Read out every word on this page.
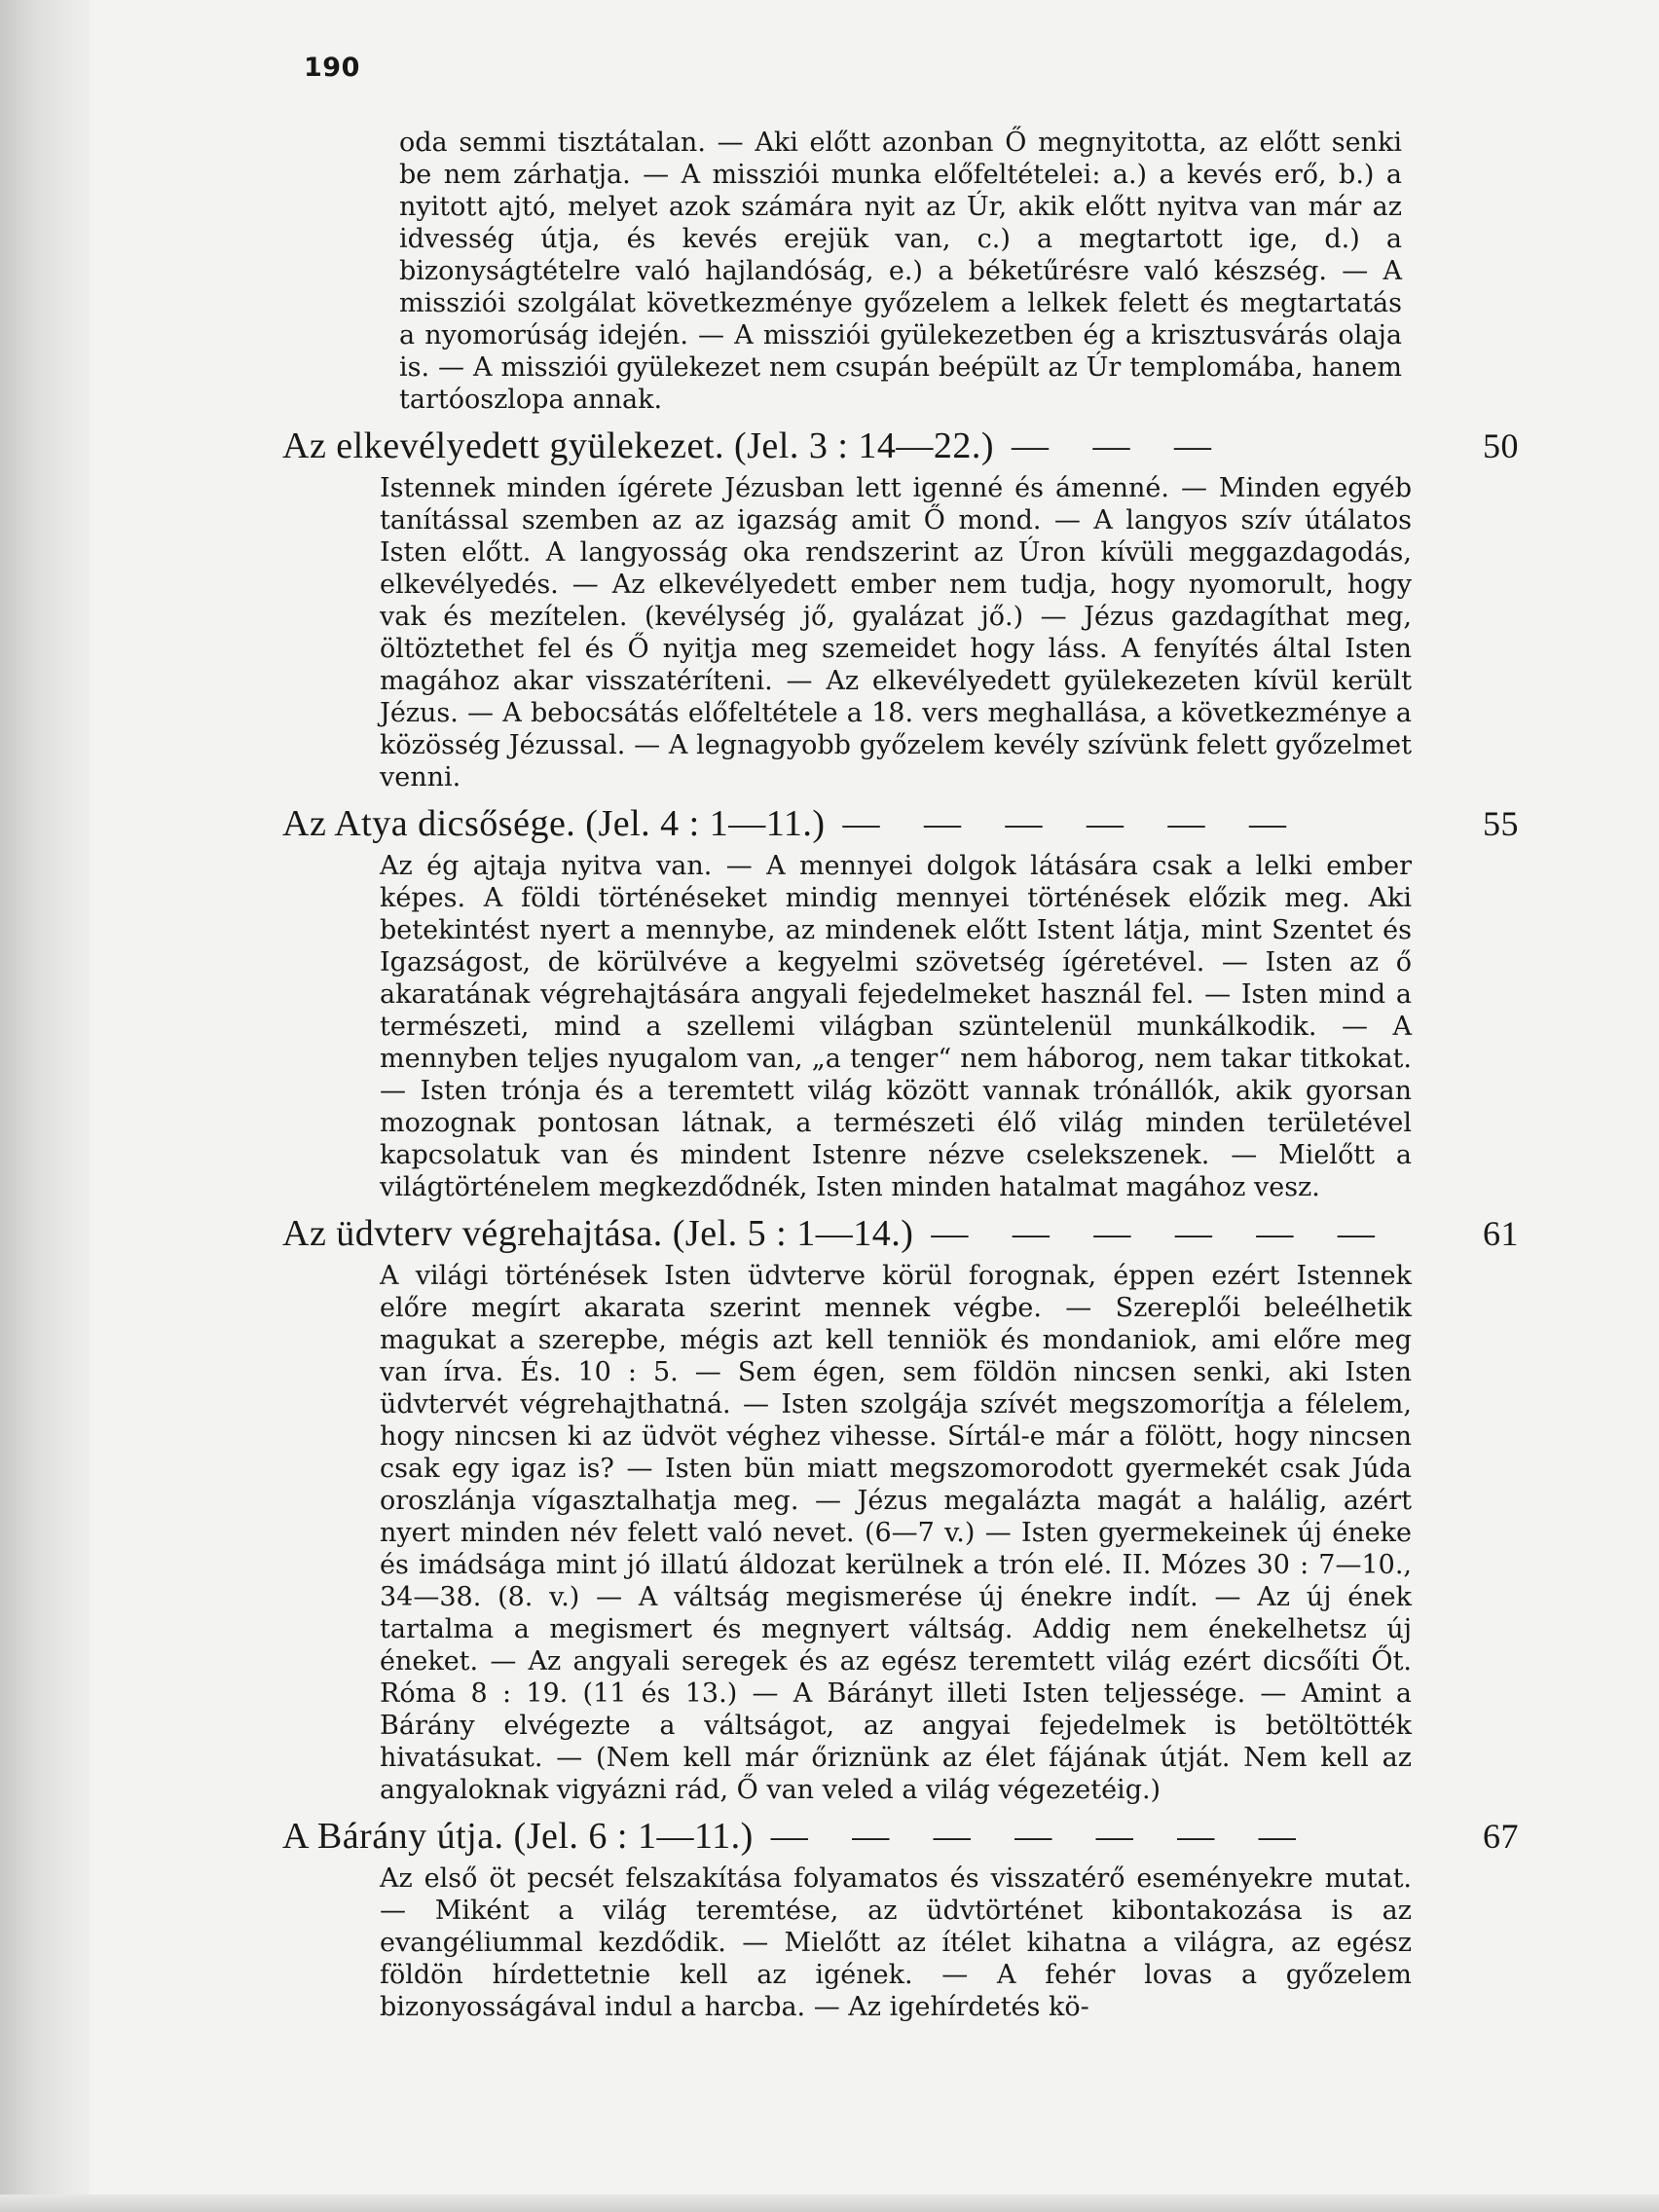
190

oda semmi tisztátalan. — Aki előtt azonban Ő megnyitotta, az előtt senki be nem zárhatja. — A missziói munka előfeltételei: a.) a kevés erő, b.) a nyitott ajtó, melyet azok számára nyit az Úr, akik előtt nyitva van már az idvesség útja, és kevés erejük van, c.) a megtartott ige, d.) a bizonyságtételre való hajlandóság, e.) a béketűrésre való készség. — A missziói szolgálat következménye győzelem a lelkek felett és megtartatás a nyomorúság idején. — A missziói gyülekezetben ég a krisztusvárás olaja is. — A missziói gyülekezet nem csupán beépült az Úr templomába, hanem tartóoszlopa annak.

Az elkevélyedett gyülekezet. (Jel. 3 : 14—22.) — — —	50

Istennek minden ígérete Jézusban lett igenné és ámenné. — Minden egyéb tanítással szemben az az igazság amit Ő mond. — A langyos szív útálatos Isten előtt. A langyosság oka rendszerint az Úron kívüli meggazdagodás, elkevélyedés. — Az elkevélyedett ember nem tudja, hogy nyomorult, hogy vak és mezítelen. (kevélység jő, gyalázat jő.) — Jézus gazdagíthat meg, öltöztethet fel és Ő nyitja meg szemeidet hogy láss. A fenyítés által Isten magához akar visszatéríteni. — Az elkevélyedett gyülekezeten kívül került Jézus. — A bebocsátás előfeltétele a 18. vers meghallása, a következménye a közösség Jézussal. — A legnagyobb győzelem kevély szívünk felett győzelmet venni.

Az Atya dicsősége. (Jel. 4 : 1—11.) — — — — — —	55

Az ég ajtaja nyitva van. — A mennyei dolgok látására csak a lelki ember képes. A földi történéseket mindig mennyei történések előzik meg. Aki betekintést nyert a mennybe, az mindenek előtt Istent látja, mint Szentet és Igazságost, de körülvéve a kegyelmi szövetség ígéretével. — Isten az ő akaratának végrehajtására angyali fejedelmeket használ fel. — Isten mind a természeti, mind a szellemi világban szüntelenül munkálkodik. — A mennyben teljes nyugalom van, „a tenger“ nem háborog, nem takar titkokat. — Isten trónja és a teremtett világ között vannak trónállók, akik gyorsan mozognak pontosan látnak, a természeti élő világ minden területével kapcsolatuk van és mindent Istenre nézve cselekszenek. — Mielőtt a világtörténelem megkezdődnék, Isten minden hatalmat magához vesz.

Az üdvterv végrehajtása. (Jel. 5 : 1—14.) — — — — — —	61

A világi történések Isten üdvterve körül forognak, éppen ezért Istennek előre megírt akarata szerint mennek végbe. — Szereplői beleélhetik magukat a szerepbe, mégis azt kell tenniök és mondaniok, ami előre meg van írva. És. 10 : 5. — Sem égen, sem földön nincsen senki, aki Isten üdvtervét végrehajthatná. — Isten szolgája szívét megszomorítja a félelem, hogy nincsen ki az üdvöt véghez vihesse. Sírtál-e már a fölött, hogy nincsen csak egy igaz is? — Isten bün miatt megszomorodott gyermekét csak Júda oroszlánja vígasztalhatja meg. — Jézus megalázta magát a halálig, azért nyert minden név felett való nevet. (6—7 v.) — Isten gyermekeinek új éneke és imádsága mint jó illatú áldozat kerülnek a trón elé. II. Mózes 30 : 7—10., 34—38. (8. v.) — A váltság megismerése új énekre indít. — Az új ének tartalma a megismert és megnyert váltság. Addig nem énekelhetsz új éneket. — Az angyali seregek és az egész teremtett világ ezért dicsőíti Őt. Róma 8 : 19. (11 és 13.) — A Bárányt illeti Isten teljessége. — Amint a Bárány elvégezte a váltságot, az angyai fejedelmek is betöltötték hivatásukat. — (Nem kell már őriznünk az élet fájának útját. Nem kell az angyaloknak vigyázni rád, Ő van veled a világ végezetéig.)

A Bárány útja. (Jel. 6 : 1—11.) — — — — — — —	67

Az első öt pecsét felszakítása folyamatos és visszatérő eseményekre mutat. — Miként a világ teremtése, az üdvtörténet kibontakozása is az evangéliummal kezdődik. — Mielőtt az ítélet kihatna a világra, az egész földön hírdettetnie kell az igének. — A fehér lovas a győzelem bizonyosságával indul a harcba. — Az igehírdetés kö-
